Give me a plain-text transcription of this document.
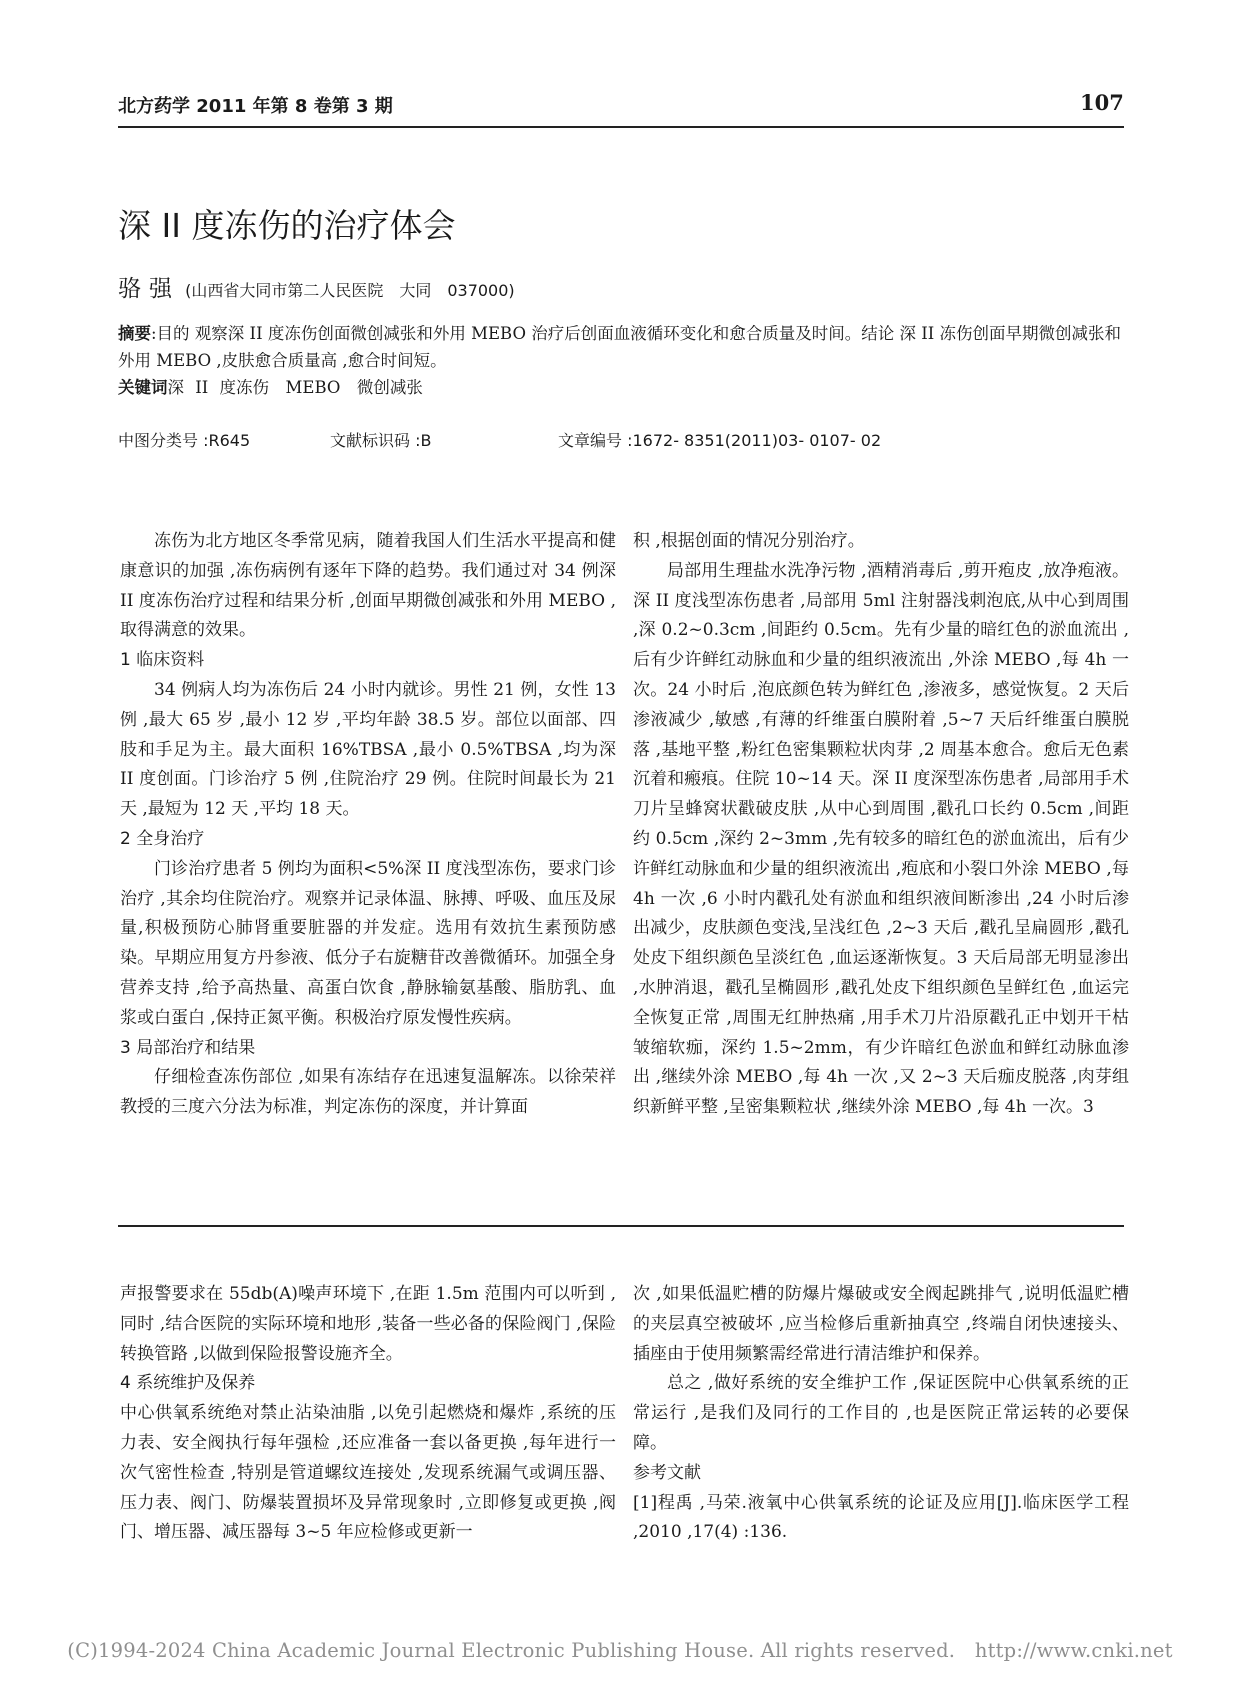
北方药学 2011 年第 8 卷第 3 期	107
深 II 度冻伤的治疗体会
骆强 (山西省大同市第二人民医院　大同　037000)
摘要:目的 观察深 II 度冻伤创面微创减张和外用 MEBO 治疗后创面血液循环变化和愈合质量及时间。结论 深 II 冻伤创面早期微创减张和外用 MEBO ,皮肤愈合质量高 ,愈合时间短。
关键词深 II 度冻伤　MEBO　微创减张
中图分类号 :R645	文献标识码 :B	文章编号 :1672- 8351(2011)03- 0107- 02

冻伤为北方地区冬季常见病，随着我国人们生活水平提高和健康意识的加强 ,冻伤病例有逐年下降的趋势。我们通过对 34 例深 II 度冻伤治疗过程和结果分析 ,创面早期微创减张和外用 MEBO ,取得满意的效果。

1 临床资料

34 例病人均为冻伤后 24 小时内就诊。男性 21 例，女性 13 例 ,最大 65 岁 ,最小 12 岁 ,平均年龄 38.5 岁。部位以面部、四肢和手足为主。最大面积 16%TBSA ,最小 0.5%TBSA ,均为深 II 度创面。门诊治疗 5 例 ,住院治疗 29 例。住院时间最长为 21 天 ,最短为 12 天 ,平均 18 天。

2 全身治疗

门诊治疗患者 5 例均为面积<5%深 II 度浅型冻伤，要求门诊治疗 ,其余均住院治疗。观察并记录体温、脉搏、呼吸、血压及尿量,积极预防心肺肾重要脏器的并发症。选用有效抗生素预防感染。早期应用复方丹参液、低分子右旋糖苷改善微循环。加强全身营养支持 ,给予高热量、高蛋白饮食 ,静脉输氨基酸、脂肪乳、血浆或白蛋白 ,保持正氮平衡。积极治疗原发慢性疾病。

3 局部治疗和结果

仔细检查冻伤部位 ,如果有冻结存在迅速复温解冻。以徐荣祥教授的三度六分法为标准，判定冻伤的深度，并计算面

积 ,根据创面的情况分别治疗。

局部用生理盐水洗净污物 ,酒精消毒后 ,剪开疱皮 ,放净疱液。深 II 度浅型冻伤患者 ,局部用 5ml 注射器浅刺泡底,从中心到周围 ,深 0.2~0.3cm ,间距约 0.5cm。先有少量的暗红色的淤血流出 ,后有少许鲜红动脉血和少量的组织液流出 ,外涂 MEBO ,每 4h 一次。24 小时后 ,泡底颜色转为鲜红色 ,渗液多，感觉恢复。2 天后渗液减少 ,敏感 ,有薄的纤维蛋白膜附着 ,5~7 天后纤维蛋白膜脱落 ,基地平整 ,粉红色密集颗粒状肉芽 ,2 周基本愈合。愈后无色素沉着和瘢痕。住院 10~14 天。深 II 度深型冻伤患者 ,局部用手术刀片呈蜂窝状戳破皮肤 ,从中心到周围 ,戳孔口长约 0.5cm ,间距约 0.5cm ,深约 2~3mm ,先有较多的暗红色的淤血流出，后有少许鲜红动脉血和少量的组织液流出 ,疱底和小裂口外涂 MEBO ,每 4h 一次 ,6 小时内戳孔处有淤血和组织液间断渗出 ,24 小时后渗出减少，皮肤颜色变浅,呈浅红色 ,2~3 天后 ,戳孔呈扁圆形 ,戳孔处皮下组织颜色呈淡红色 ,血运逐渐恢复。3 天后局部无明显渗出 ,水肿消退，戳孔呈椭圆形 ,戳孔处皮下组织颜色呈鲜红色 ,血运完全恢复正常 ,周围无红肿热痛 ,用手术刀片沿原戳孔正中划开干枯皱缩软痂，深约 1.5~2mm，有少许暗红色淤血和鲜红动脉血渗出 ,继续外涂 MEBO ,每 4h 一次 ,又 2~3 天后痂皮脱落 ,肉芽组织新鲜平整 ,呈密集颗粒状 ,继续外涂 MEBO ,每 4h 一次。3

声报警要求在 55db(A)噪声环境下 ,在距 1.5m 范围内可以听到 ,同时 ,结合医院的实际环境和地形 ,装备一些必备的保险阀门 ,保险转换管路 ,以做到保险报警设施齐全。

4 系统维护及保养

中心供氧系统绝对禁止沾染油脂 ,以免引起燃烧和爆炸 ,系统的压力表、安全阀执行每年强检 ,还应准备一套以备更换 ,每年进行一次气密性检查 ,特别是管道螺纹连接处 ,发现系统漏气或调压器、压力表、阀门、防爆装置损坏及异常现象时 ,立即修复或更换 ,阀门、增压器、减压器每 3~5 年应检修或更新一

次 ,如果低温贮槽的防爆片爆破或安全阀起跳排气 ,说明低温贮槽的夹层真空被破坏 ,应当检修后重新抽真空 ,终端自闭快速接头、插座由于使用频繁需经常进行清洁维护和保养。

总之 ,做好系统的安全维护工作 ,保证医院中心供氧系统的正常运行 ,是我们及同行的工作目的 ,也是医院正常运转的必要保障。

参考文献

[1]程禹 ,马荣.液氧中心供氧系统的论证及应用[J].临床医学工程 ,2010 ,17(4) :136.

(C)1994-2024 China Academic Journal Electronic Publishing House. All rights reserved.　http://www.cnki.net
